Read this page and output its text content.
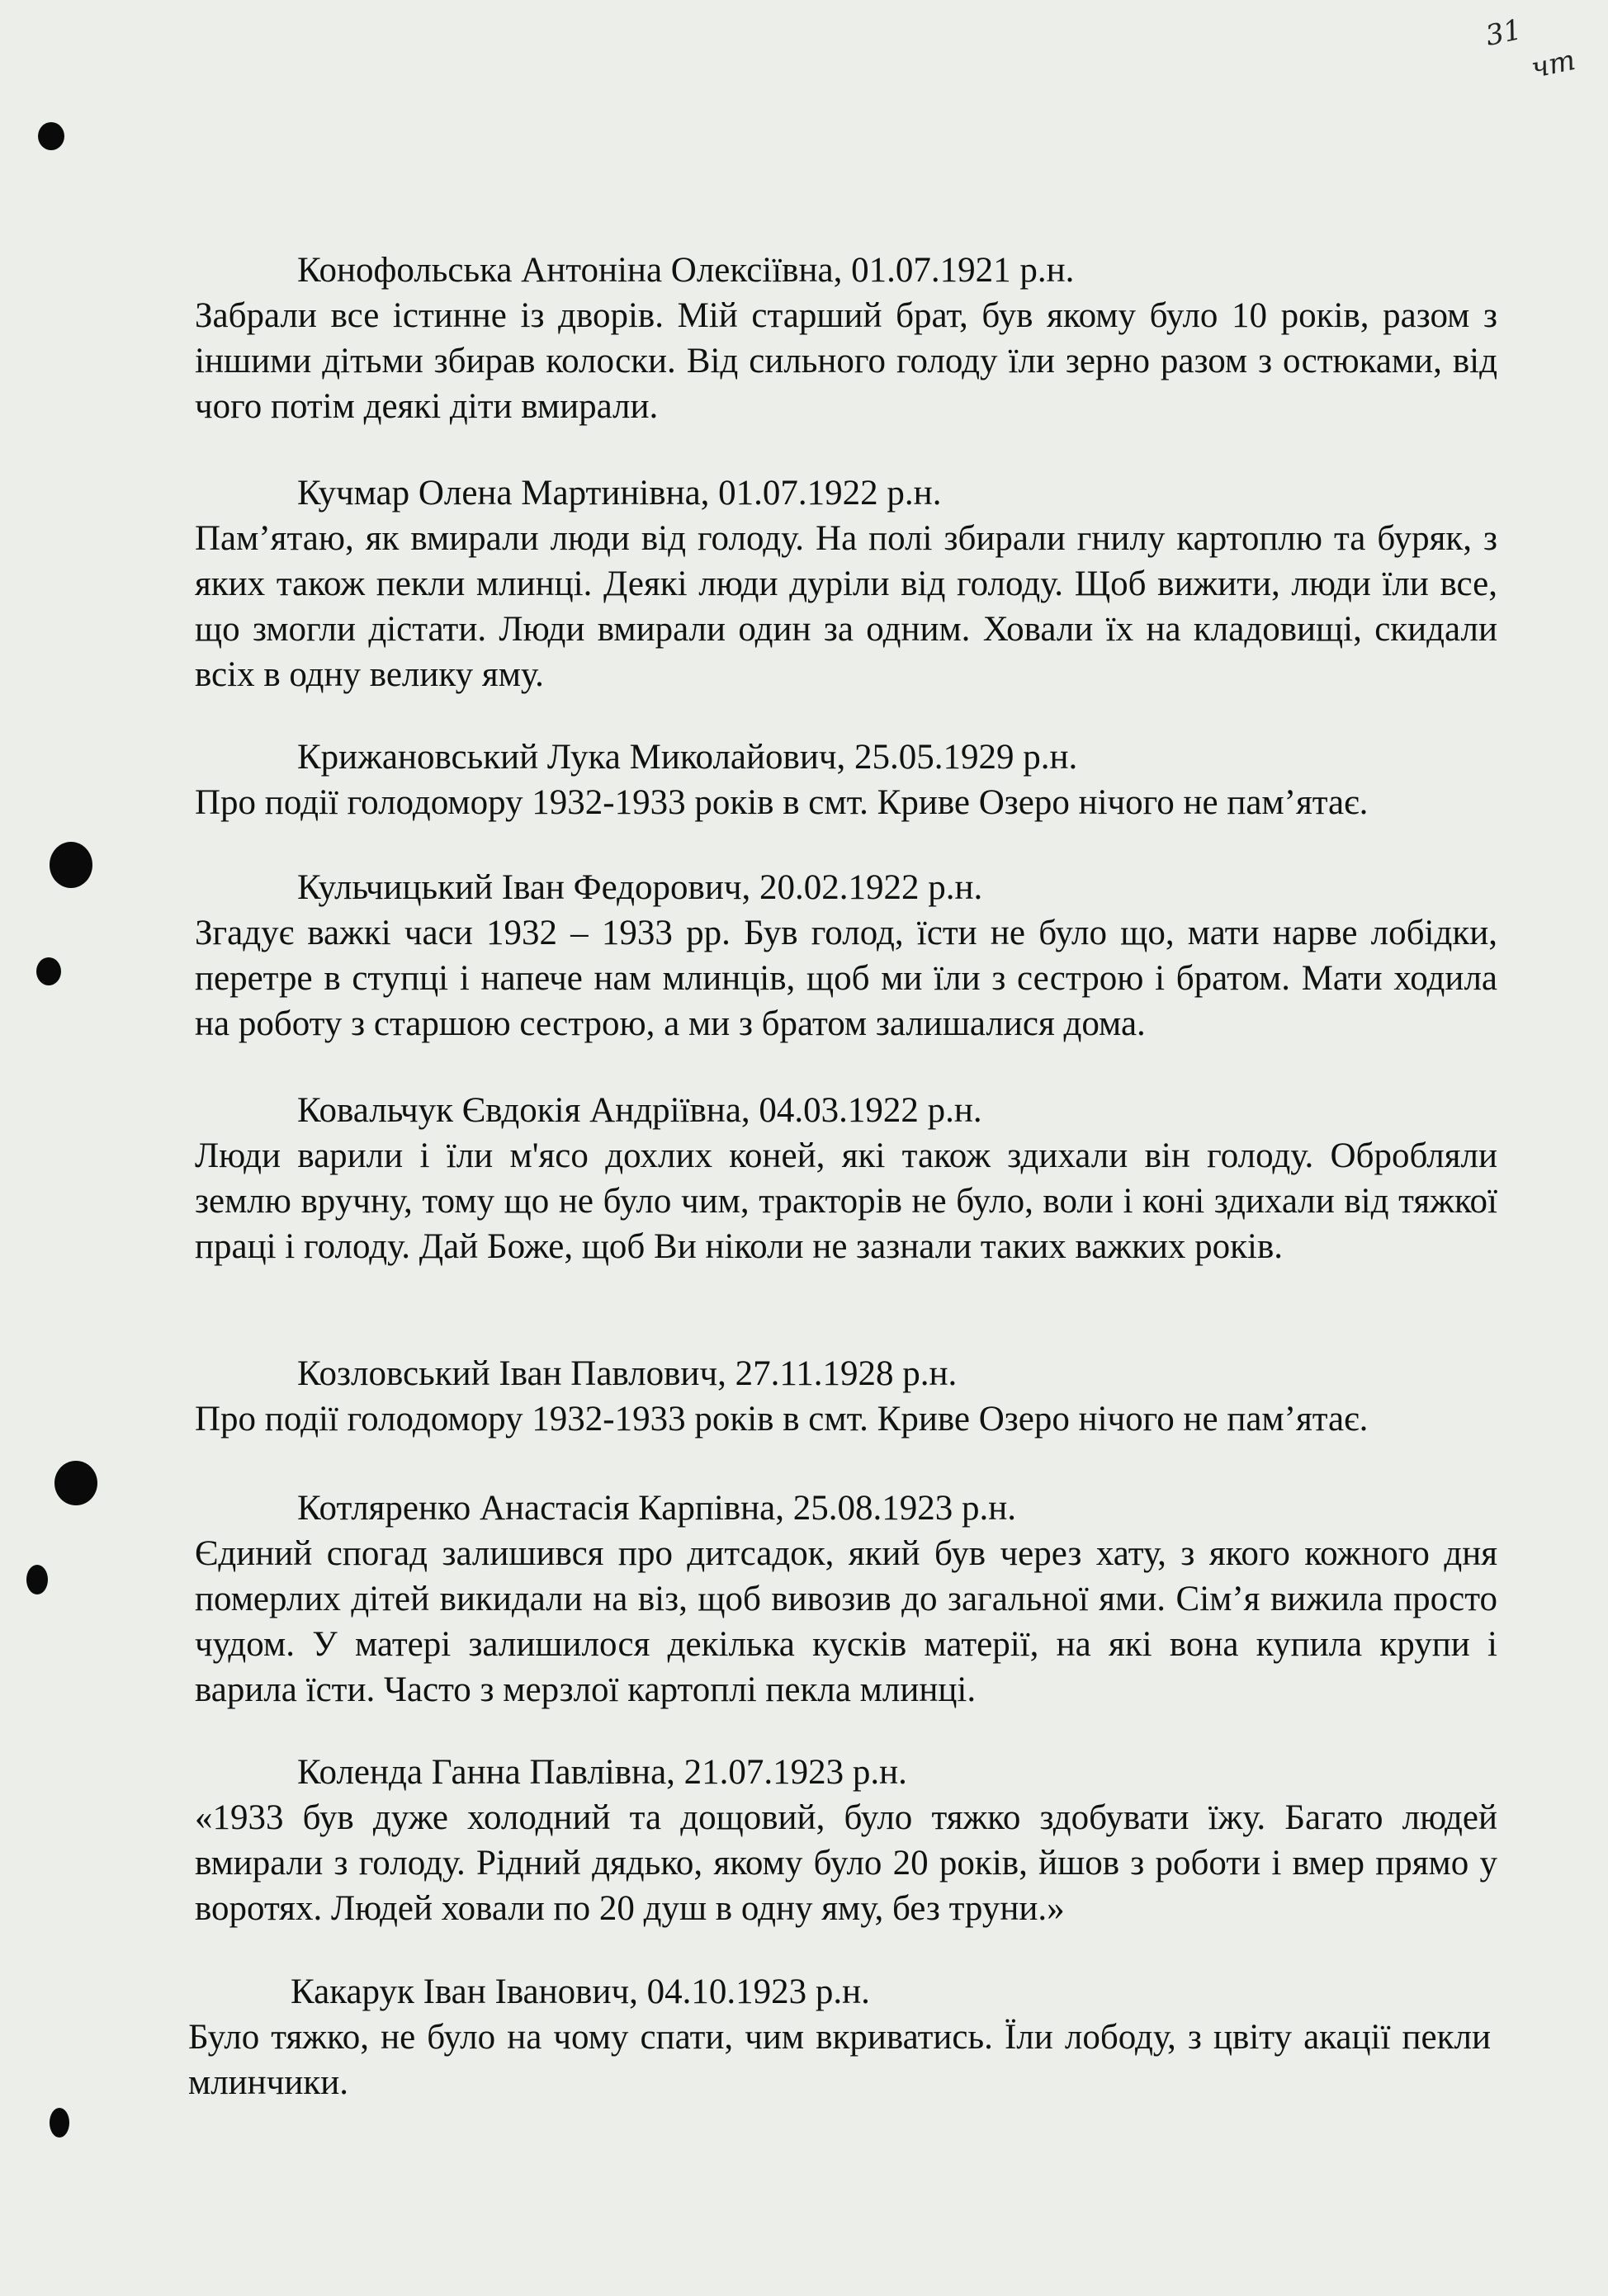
31
чт
Конофольська Антоніна Олексіївна, 01.07.1921 р.н.
Забрали все істинне із дворів. Мій старший брат, був якому було 10 років, разом з іншими дітьми збирав колоски. Від сильного голоду їли зерно разом з остюками, від чого потім деякі діти вмирали.
Кучмар Олена Мартинівна, 01.07.1922 р.н.
Пам’ятаю, як вмирали люди від голоду. На полі збирали гнилу картоплю та буряк, з яких також пекли млинці. Деякі люди дуріли від голоду. Щоб вижити, люди їли все, що змогли дістати. Люди вмирали один за одним. Ховали їх на кладовищі, скидали всіх в одну велику яму.
Крижановський Лука Миколайович, 25.05.1929 р.н.
Про події голодомору 1932-1933 років в смт. Криве Озеро нічого не пам’ятає.
Кульчицький Іван Федорович, 20.02.1922 р.н.
Згадує важкі часи 1932 – 1933 рр. Був голод, їсти не було що, мати нарве лобідки, перетре в ступці і напече нам млинців, щоб ми їли з сестрою і братом. Мати ходила на роботу з старшою сестрою, а ми з братом залишалися дома.
Ковальчук Євдокія Андріївна, 04.03.1922 р.н.
Люди варили і їли м'ясо дохлих коней, які також здихали він голоду. Обробляли землю вручну, тому що не було чим, тракторів не було, воли і коні здихали від тяжкої праці і голоду. Дай Боже, щоб Ви ніколи не зазнали таких важких років.
Козловський Іван Павлович, 27.11.1928 р.н.
Про події голодомору 1932-1933 років в смт. Криве Озеро нічого не пам’ятає.
Котляренко Анастасія Карпівна, 25.08.1923 р.н.
Єдиний спогад залишився про дитсадок, який був через хату, з якого кожного дня померлих дітей викидали на віз, щоб вивозив до загальної ями. Сім’я вижила просто чудом. У матері залишилося декілька кусків матерії, на які вона купила крупи і варила їсти. Часто з мерзлої картоплі пекла млинці.
Коленда Ганна Павлівна, 21.07.1923 р.н.
«1933 був дуже холодний та дощовий, було тяжко здобувати їжу. Багато людей вмирали з голоду. Рідний дядько, якому було 20 років, йшов з роботи і вмер прямо у воротях. Людей ховали по 20 душ в одну яму, без труни.»
Какарук Іван Іванович, 04.10.1923 р.н.
Було тяжко, не було на чому спати, чим вкриватись. Їли лободу, з цвіту акації пекли млинчики.
